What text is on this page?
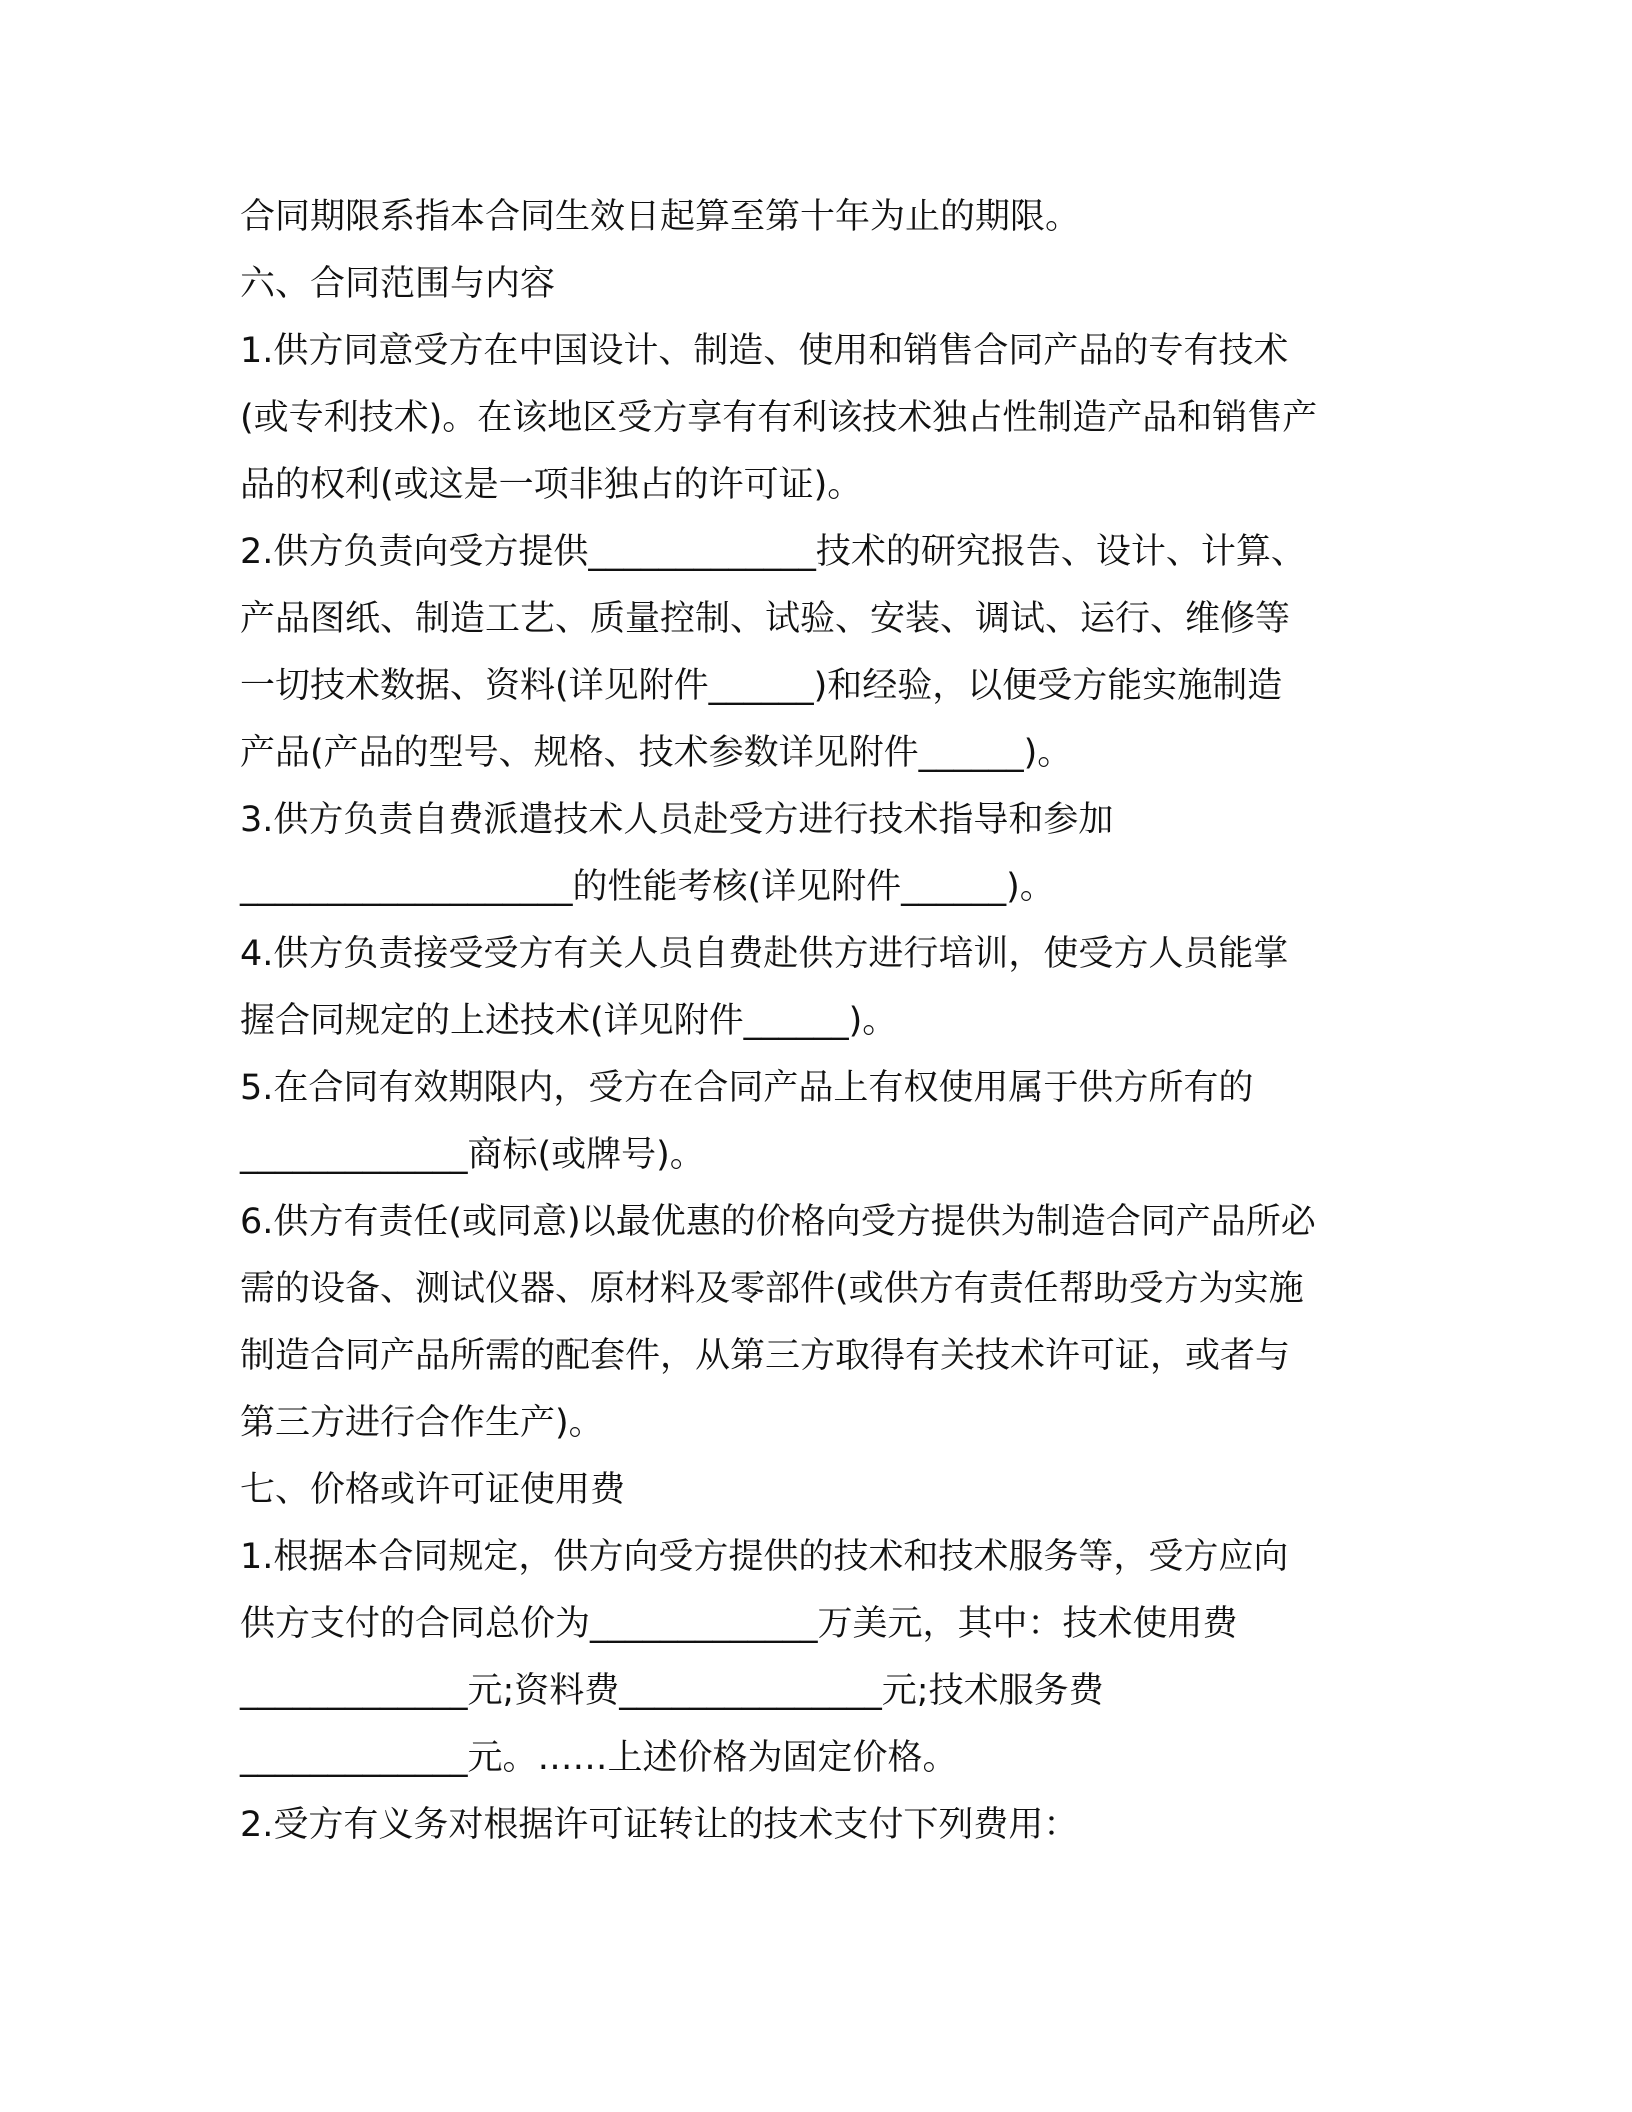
合同期限系指本合同生效日起算至第十年为止的期限。
六、合同范围与内容
1.供方同意受方在中国设计、制造、使用和销售合同产品的专有技术
(或专利技术)。在该地区受方享有有利该技术独占性制造产品和销售产
品的权利(或这是一项非独占的许可证)。
2.供方负责向受方提供_____________技术的研究报告、设计、计算、
产品图纸、制造工艺、质量控制、试验、安装、调试、运行、维修等
一切技术数据、资料(详见附件______)和经验，以便受方能实施制造
产品(产品的型号、规格、技术参数详见附件______)。
3.供方负责自费派遣技术人员赴受方进行技术指导和参加
___________________的性能考核(详见附件______)。
4.供方负责接受受方有关人员自费赴供方进行培训，使受方人员能掌
握合同规定的上述技术(详见附件______)。
5.在合同有效期限内，受方在合同产品上有权使用属于供方所有的
_____________商标(或牌号)。
6.供方有责任(或同意)以最优惠的价格向受方提供为制造合同产品所必
需的设备、测试仪器、原材料及零部件(或供方有责任帮助受方为实施
制造合同产品所需的配套件，从第三方取得有关技术许可证，或者与
第三方进行合作生产)。
七、价格或许可证使用费
1.根据本合同规定，供方向受方提供的技术和技术服务等，受方应向
供方支付的合同总价为_____________万美元，其中：技术使用费
_____________元;资料费_______________元;技术服务费
_____________元。……上述价格为固定价格。
2.受方有义务对根据许可证转让的技术支付下列费用：
